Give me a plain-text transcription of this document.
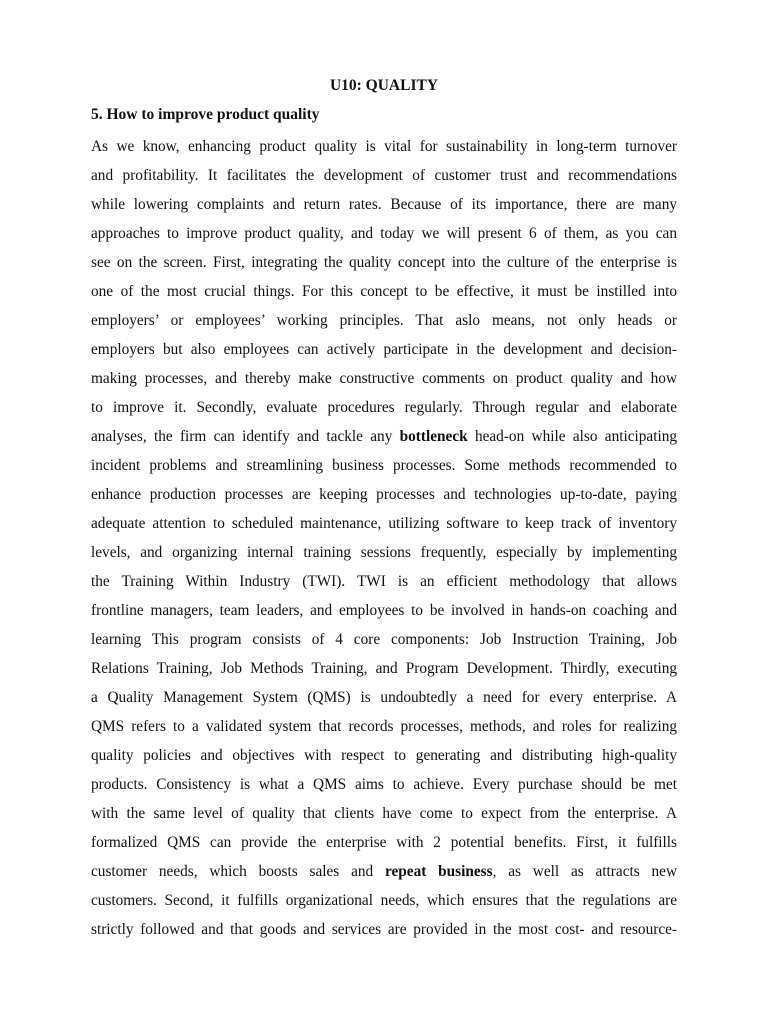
U10: QUALITY
5. How to improve product quality
As we know, enhancing product quality is vital for sustainability in long-term turnover
and profitability. It facilitates the development of customer trust and recommendations
while lowering complaints and return rates. Because of its importance, there are many
approaches to improve product quality, and today we will present 6 of them, as you can
see on the screen. First, integrating the quality concept into the culture of the enterprise is
one of the most crucial things. For this concept to be effective, it must be instilled into
employers’ or employees’ working principles. That aslo means, not only heads or
employers but also employees can actively participate in the development and decision-
making processes, and thereby make constructive comments on product quality and how
to improve it. Secondly, evaluate procedures regularly. Through regular and elaborate
analyses, the firm can identify and tackle any bottleneck head-on while also anticipating
incident problems and streamlining business processes. Some methods recommended to
enhance production processes are keeping processes and technologies up-to-date, paying
adequate attention to scheduled maintenance, utilizing software to keep track of inventory
levels, and organizing internal training sessions frequently, especially by implementing
the Training Within Industry (TWI). TWI is an efficient methodology that allows
frontline managers, team leaders, and employees to be involved in hands-on coaching and
learning This program consists of 4 core components: Job Instruction Training, Job
Relations Training, Job Methods Training, and Program Development. Thirdly, executing
a Quality Management System (QMS) is undoubtedly a need for every enterprise. A
QMS refers to a validated system that records processes, methods, and roles for realizing
quality policies and objectives with respect to generating and distributing high-quality
products. Consistency is what a QMS aims to achieve. Every purchase should be met
with the same level of quality that clients have come to expect from the enterprise. A
formalized QMS can provide the enterprise with 2 potential benefits. First, it fulfills
customer needs, which boosts sales and repeat business, as well as attracts new
customers. Second, it fulfills organizational needs, which ensures that the regulations are
strictly followed and that goods and services are provided in the most cost- and resource-
